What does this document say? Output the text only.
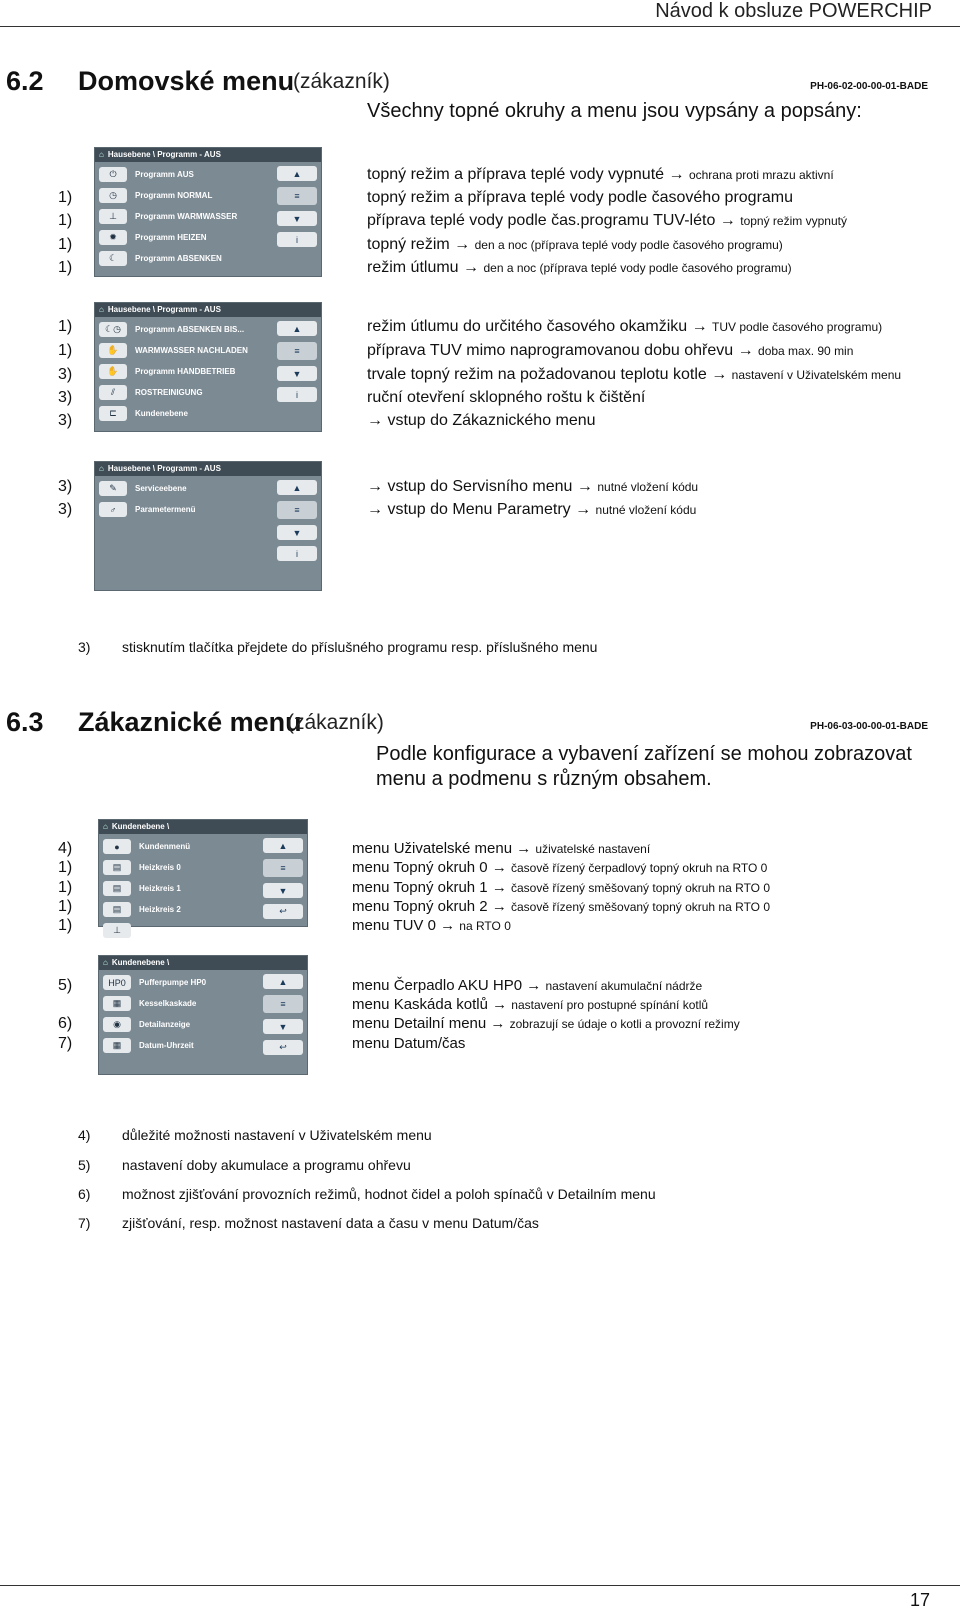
Návod k obsluze POWERCHIP
6.2 Domovské menu
(zákazník)	PH-06-02-00-00-01-BADE
Všechny topné okruhy a menu jsou vypsány a popsány:
⌂ Hausebene \ Programm - AUS
⏻	Programm AUS
◷	Programm NORMAL
⊥	Programm WARMWASSER
✹	Programm HEIZEN
☾	Programm ABSENKEN
▲
≡
▼
i
⌂ Hausebene \ Programm - AUS
☾◷	Programm ABSENKEN BIS...
✋	WARMWASSER NACHLADEN
✋	Programm HANDBETRIEB
⫽	ROSTREINIGUNG
⊏	Kundenebene
▲
≡
▼
i
⌂ Hausebene \ Programm - AUS
✎	Serviceebene
♂	Parametermenü
▲
≡
▼
i
topný režim a příprava teplé vody vypnuté → ochrana proti mrazu aktivní
1)	topný režim a příprava teplé vody podle časového programu
1)	příprava teplé vody podle čas.programu TUV-léto → topný režim vypnutý
1)	topný režim → den a noc (příprava teplé vody podle časového programu)
1)	režim útlumu → den a noc (příprava teplé vody podle časového programu)
1)	režim útlumu do určitého časového okamžiku → TUV podle časového programu)
1)	příprava TUV mimo naprogramovanou dobu ohřevu → doba max. 90 min
3)	trvale topný režim na požadovanou teplotu kotle → nastavení v Uživatelském menu
3)	ruční otevření sklopného roštu k čištění
3)	→ vstup do Zákaznického menu
3)	→ vstup do Servisního menu → nutné vložení kódu
3)	→ vstup do Menu Parametry → nutné vložení kódu
3) stisknutím tlačítka přejdete do příslušného programu resp. příslušného menu
6.3 Zákaznické menu
(zákazník)	PH-06-03-00-00-01-BADE
Podle konfigurace a vybavení zařízení se mohou zobrazovat
menu a podmenu s různým obsahem.
⌂ Kundenebene \
●	Kundenmenü
▤	Heizkreis 0
▤	Heizkreis 1
▤	Heizkreis 2
⊥	Warmwasser 0
▲
≡
▼
↩
⌂ Kundenebene \
HP0	Pufferpumpe HP0
▦	Kesselkaskade
◉	Detailanzeige
▦	Datum-Uhrzeit
▲
≡
▼
↩
4)	menu Uživatelské menu → uživatelské nastavení
1)	menu Topný okruh 0 → časově řízený čerpadlový topný okruh na RTO 0
1)	menu Topný okruh 1 → časově řízený směšovaný topný okruh na RTO 0
1)	menu Topný okruh 2 → časově řízený směšovaný topný okruh na RTO 0
1)	menu TUV 0 → na RTO 0
5)	menu Čerpadlo AKU HP0 → nastavení akumulační nádrže
menu Kaskáda kotlů → nastavení pro postupné spínání kotlů
6)	menu Detailní menu → zobrazují se údaje o kotli a provozní režimy
7)	menu Datum/čas
4) důležité možnosti nastavení v Uživatelském menu
5) nastavení doby akumulace a programu ohřevu
6) možnost zjišťování provozních režimů, hodnot čidel a poloh spínačů v Detailním menu
7) zjišťování, resp. možnost nastavení data a času v menu Datum/čas
17
